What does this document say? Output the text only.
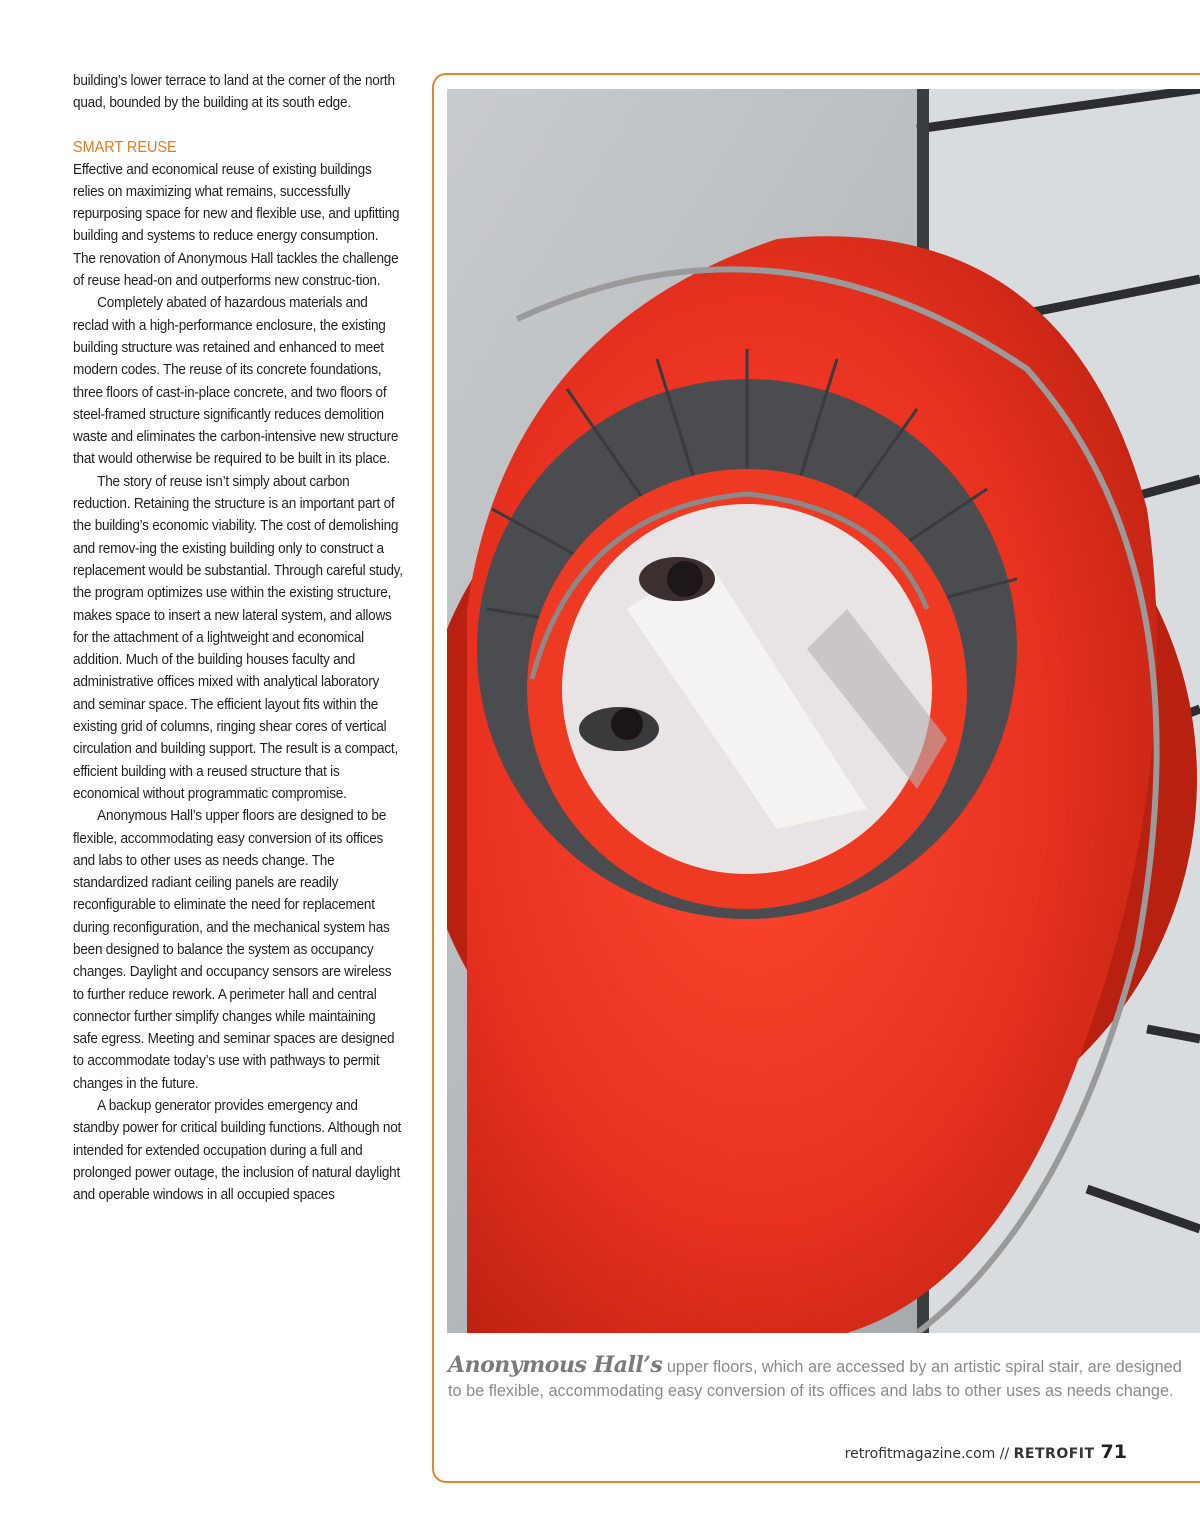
building’s lower terrace to land at the corner of the north quad, bounded by the building at its south edge.

SMART REUSE

Effective and economical reuse of existing buildings relies on maximizing what remains, successfully repurposing space for new and flexible use, and upfitting building and systems to reduce energy consumption. The renovation of Anonymous Hall tackles the challenge of reuse head-on and outperforms new construc-tion.

Completely abated of hazardous materials and reclad with a high-performance enclosure, the existing building structure was retained and enhanced to meet modern codes. The reuse of its concrete foundations, three floors of cast-in-place concrete, and two floors of steel-framed structure significantly reduces demolition waste and eliminates the carbon-intensive new structure that would otherwise be required to be built in its place.

The story of reuse isn’t simply about carbon reduction. Retaining the structure is an important part of the building’s economic viability. The cost of demolishing and remov-ing the existing building only to construct a replacement would be substantial. Through careful study, the program optimizes use within the existing structure, makes space to insert a new lateral system, and allows for the attachment of a lightweight and economical addition. Much of the building houses faculty and administrative offices mixed with analytical laboratory and seminar space. The efficient layout fits within the existing grid of columns, ringing shear cores of vertical circulation and building support. The result is a compact, efficient building with a reused structure that is economical without programmatic compromise.

Anonymous Hall’s upper floors are designed to be flexible, accommodating easy conversion of its offices and labs to other uses as needs change. The standardized radiant ceiling panels are readily reconfigurable to eliminate the need for replacement during reconfiguration, and the mechanical system has been designed to balance the system as occupancy changes. Daylight and occupancy sensors are wireless to further reduce rework. A perimeter hall and central connector further simplify changes while maintaining safe egress. Meeting and seminar spaces are designed to accommodate today’s use with pathways to permit changes in the future.

A backup generator provides emergency and standby power for critical building functions. Although not intended for extended occupation during a full and prolonged power outage, the inclusion of natural daylight and operable windows in all occupied spaces

Anonymous Hall’s upper floors, which are accessed by an artistic spiral stair, are designed to be flexible, accommodating easy conversion of its offices and labs to other uses as needs change.
retrofitmagazine.com // RETROFIT 71
